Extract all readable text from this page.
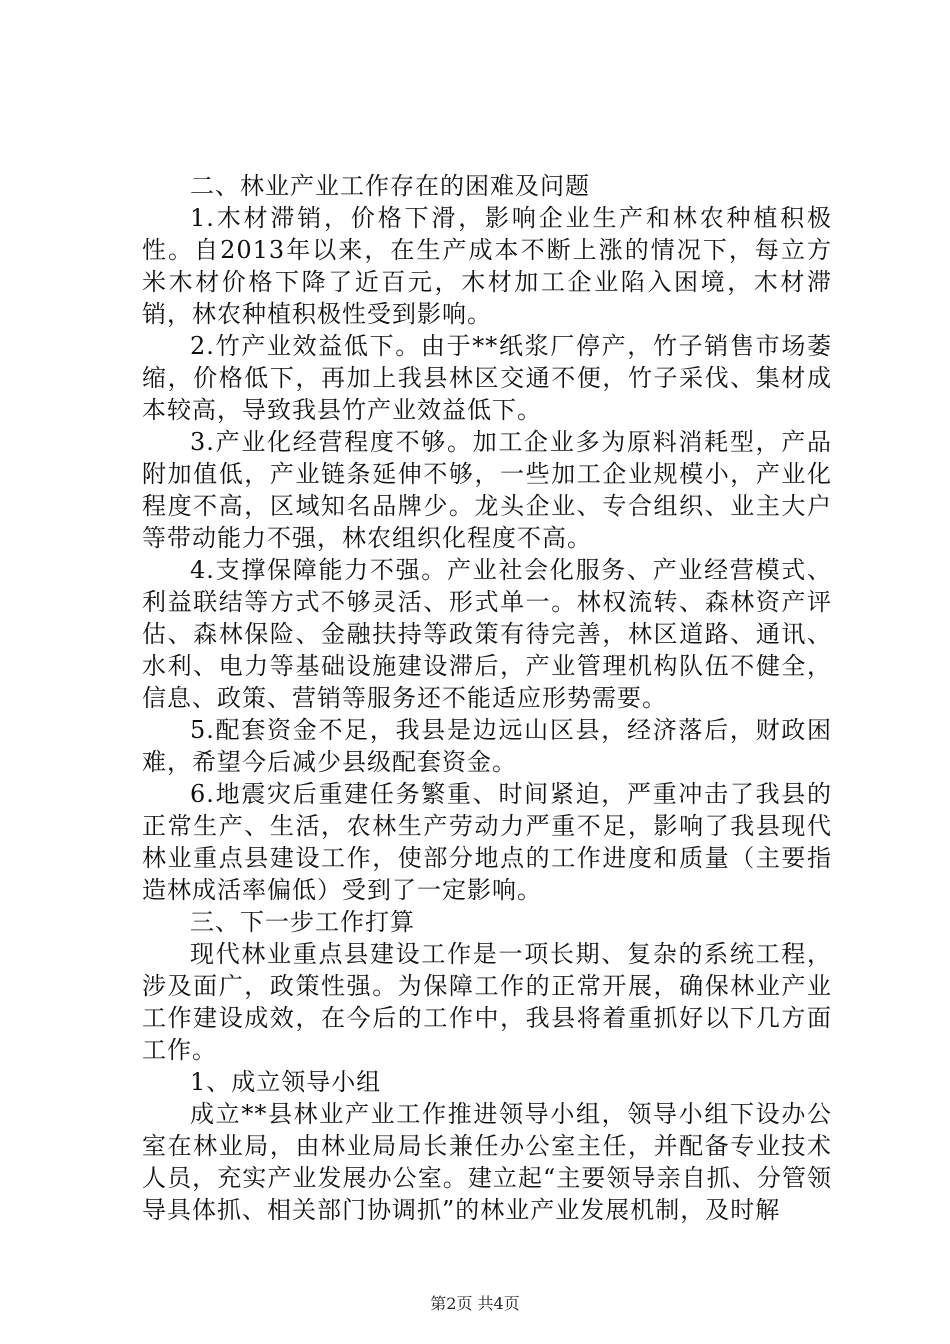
二、林业产业工作存在的困难及问题

1.木材滞销，价格下滑，影响企业生产和林农种植积极性。自2013年以来，在生产成本不断上涨的情况下，每立方米木材价格下降了近百元，木材加工企业陷入困境，木材滞销，林农种植积极性受到影响。

2.竹产业效益低下。由于**纸浆厂停产，竹子销售市场萎缩，价格低下，再加上我县林区交通不便，竹子采伐、集材成本较高，导致我县竹产业效益低下。

3.产业化经营程度不够。加工企业多为原料消耗型，产品附加值低，产业链条延伸不够，一些加工企业规模小，产业化程度不高，区域知名品牌少。龙头企业、专合组织、业主大户等带动能力不强，林农组织化程度不高。

4.支撑保障能力不强。产业社会化服务、产业经营模式、利益联结等方式不够灵活、形式单一。林权流转、森林资产评估、森林保险、金融扶持等政策有待完善，林区道路、通讯、水利、电力等基础设施建设滞后，产业管理机构队伍不健全，信息、政策、营销等服务还不能适应形势需要。

5.配套资金不足，我县是边远山区县，经济落后，财政困难，希望今后减少县级配套资金。

6.地震灾后重建任务繁重、时间紧迫，严重冲击了我县的正常生产、生活，农林生产劳动力严重不足，影响了我县现代林业重点县建设工作，使部分地点的工作进度和质量（主要指造林成活率偏低）受到了一定影响。

三、下一步工作打算

现代林业重点县建设工作是一项长期、复杂的系统工程，涉及面广，政策性强。为保障工作的正常开展，确保林业产业工作建设成效，在今后的工作中，我县将着重抓好以下几方面工作。

1、成立领导小组

成立**县林业产业工作推进领导小组，领导小组下设办公室在林业局，由林业局局长兼任办公室主任，并配备专业技术人员，充实产业发展办公室。建立起“主要领导亲自抓、分管领导具体抓、相关部门协调抓”的林业产业发展机制，及时解

第2页 共4页
